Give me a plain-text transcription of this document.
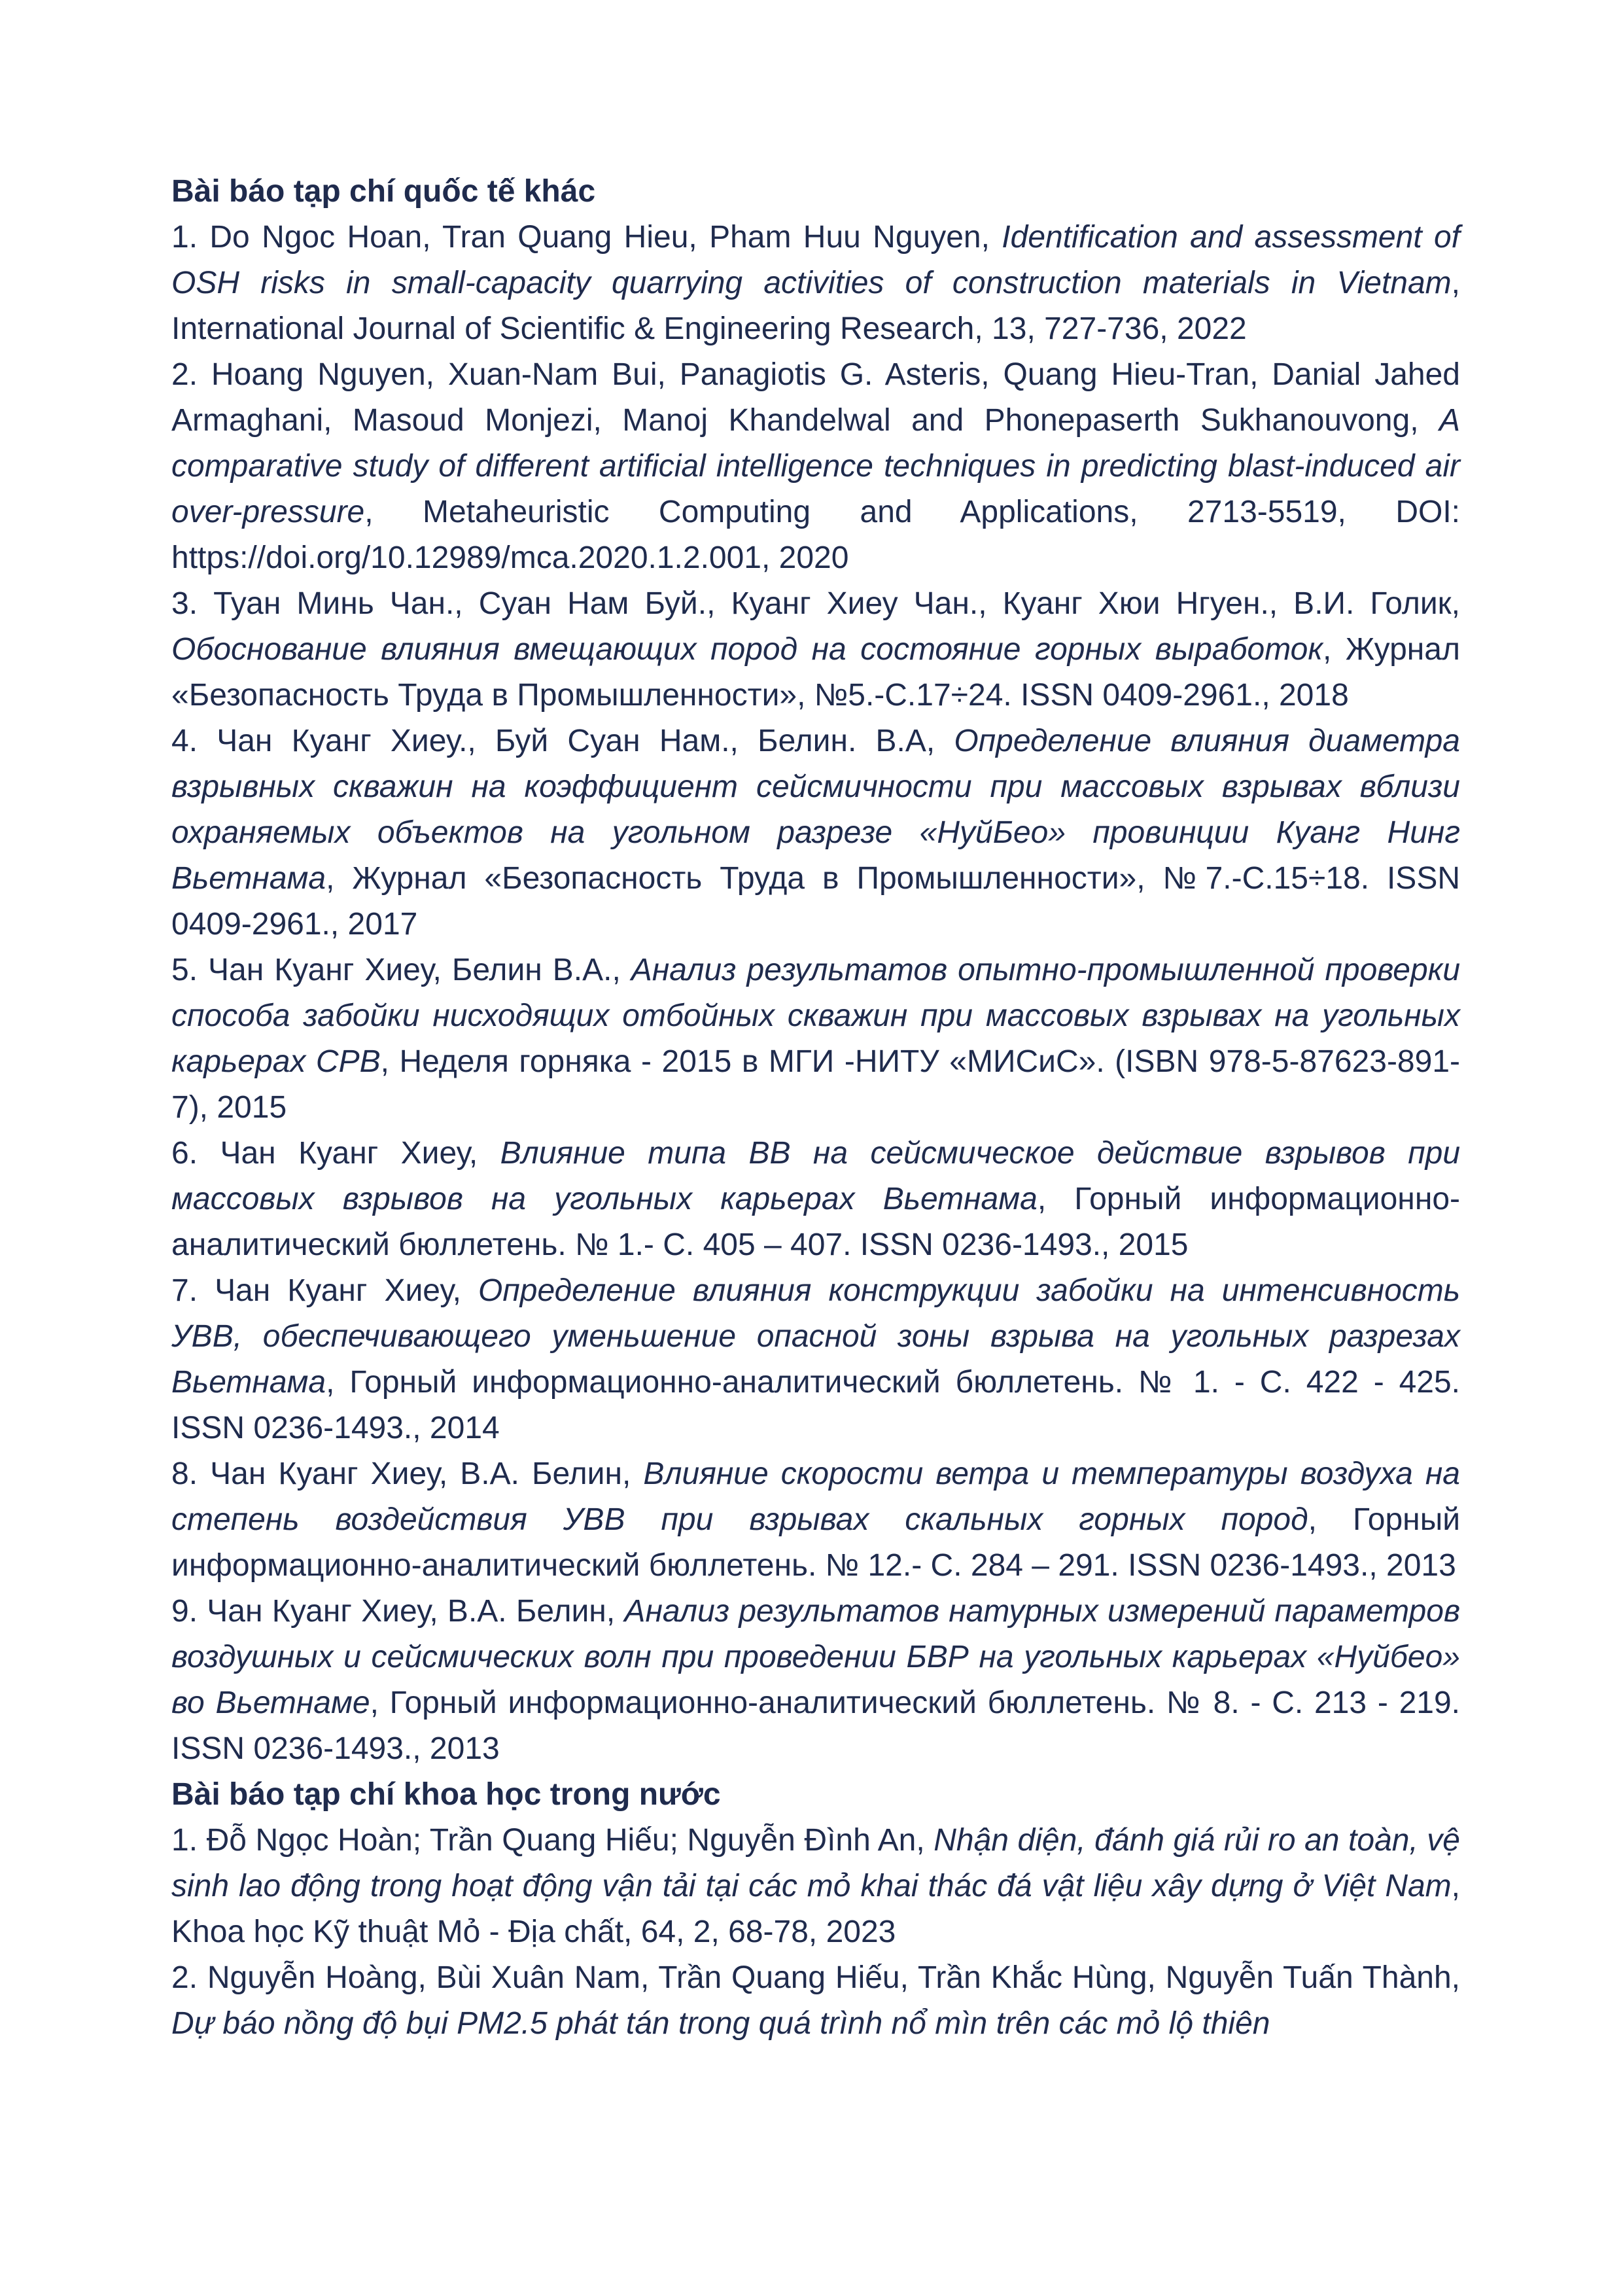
Bài báo tạp chí quốc tế khác

1. Do Ngoc Hoan, Tran Quang Hieu, Pham Huu Nguyen, Identification and assessment of OSH risks in small-capacity quarrying activities of construction materials in Vietnam, International Journal of Scientific & Engineering Research, 13, 727-736, 2022

2. Hoang Nguyen, Xuan-Nam Bui, Panagiotis G. Asteris, Quang Hieu-Tran, Danial Jahed Armaghani, Masoud Monjezi, Manoj Khandelwal and Phonepaserth Sukhanouvong, A comparative study of different artificial intelligence techniques in predicting blast-induced air over-pressure, Metaheuristic Computing and Applications, 2713-5519, DOI: https://doi.org/10.12989/mca.2020.1.2.001, 2020

3. Туан Минь Чан., Суан Нам Буй., Куанг Хиеу Чан., Куанг Хюи Нгуен., В.И. Голик, Обоснование влияния вмещающих пород на состояние горных выработок, Журнал «Безопасность Труда в Промышленности», №5.-С.17÷24. ISSN 0409-2961., 2018

4. Чан Куанг Хиеу., Буй Суан Нам., Белин. В.А, Определение влияния диаметра взрывных скважин на коэффициент сейсмичности при массовых взрывах вблизи охраняемых объектов на угольном разрезе «НуйБео» провинции Куанг Нинг Вьетнама, Журнал «Безопасность Труда в Промышленности», №7.-С.15÷18. ISSN 0409-2961., 2017

5. Чан Куанг Хиеу, Белин В.А., Анализ результатов опытно-промышленной проверки способа забойки нисходящих отбойных скважин при массовых взрывах на угольных карьерах СРВ, Неделя горняка - 2015 в МГИ -НИТУ «МИСиС». (ISBN 978-5-87623-891-7), 2015

6. Чан Куанг Хиеу, Влияние типа ВВ на сейсмическое действие взрывов при массовых взрывов на угольных карьерах Вьетнама, Горный информационно-аналитический бюллетень. № 1.- С. 405 – 407. ISSN 0236-1493., 2015

7. Чан Куанг Хиеу, Определение влияния конструкции забойки на интенсивность УВВ, обеспечивающего уменьшение опасной зоны взрыва на угольных разрезах Вьетнама, Горный информационно-аналитический бюллетень. № 1. - С. 422 - 425. ISSN 0236-1493., 2014

8. Чан Куанг Хиеу, В.А. Белин, Влияние скорости ветра и температуры воздуха на степень воздействия УВВ при взрывах скальных горных пород, Горный информационно-аналитический бюллетень. № 12.- С. 284 – 291. ISSN 0236-1493., 2013

9. Чан Куанг Хиеу, В.А. Белин, Анализ результатов натурных измерений параметров воздушных и сейсмических волн при проведении БВР на угольных карьерах «Нуйбео» во Вьетнаме, Горный информационно-аналитический бюллетень. № 8. - С. 213 - 219. ISSN 0236-1493., 2013

Bài báo tạp chí khoa học trong nước

1. Đỗ Ngọc Hoàn; Trần Quang Hiếu; Nguyễn Đình An, Nhận diện, đánh giá rủi ro an toàn, vệ sinh lao động trong hoạt động vận tải tại các mỏ khai thác đá vật liệu xây dựng ở Việt Nam, Khoa học Kỹ thuật Mỏ - Địa chất, 64, 2, 68-78, 2023

2. Nguyễn Hoàng, Bùi Xuân Nam, Trần Quang Hiếu, Trần Khắc Hùng, Nguyễn Tuấn Thành, Dự báo nồng độ bụi PM2.5 phát tán trong quá trình nổ mìn trên các mỏ lộ thiên
